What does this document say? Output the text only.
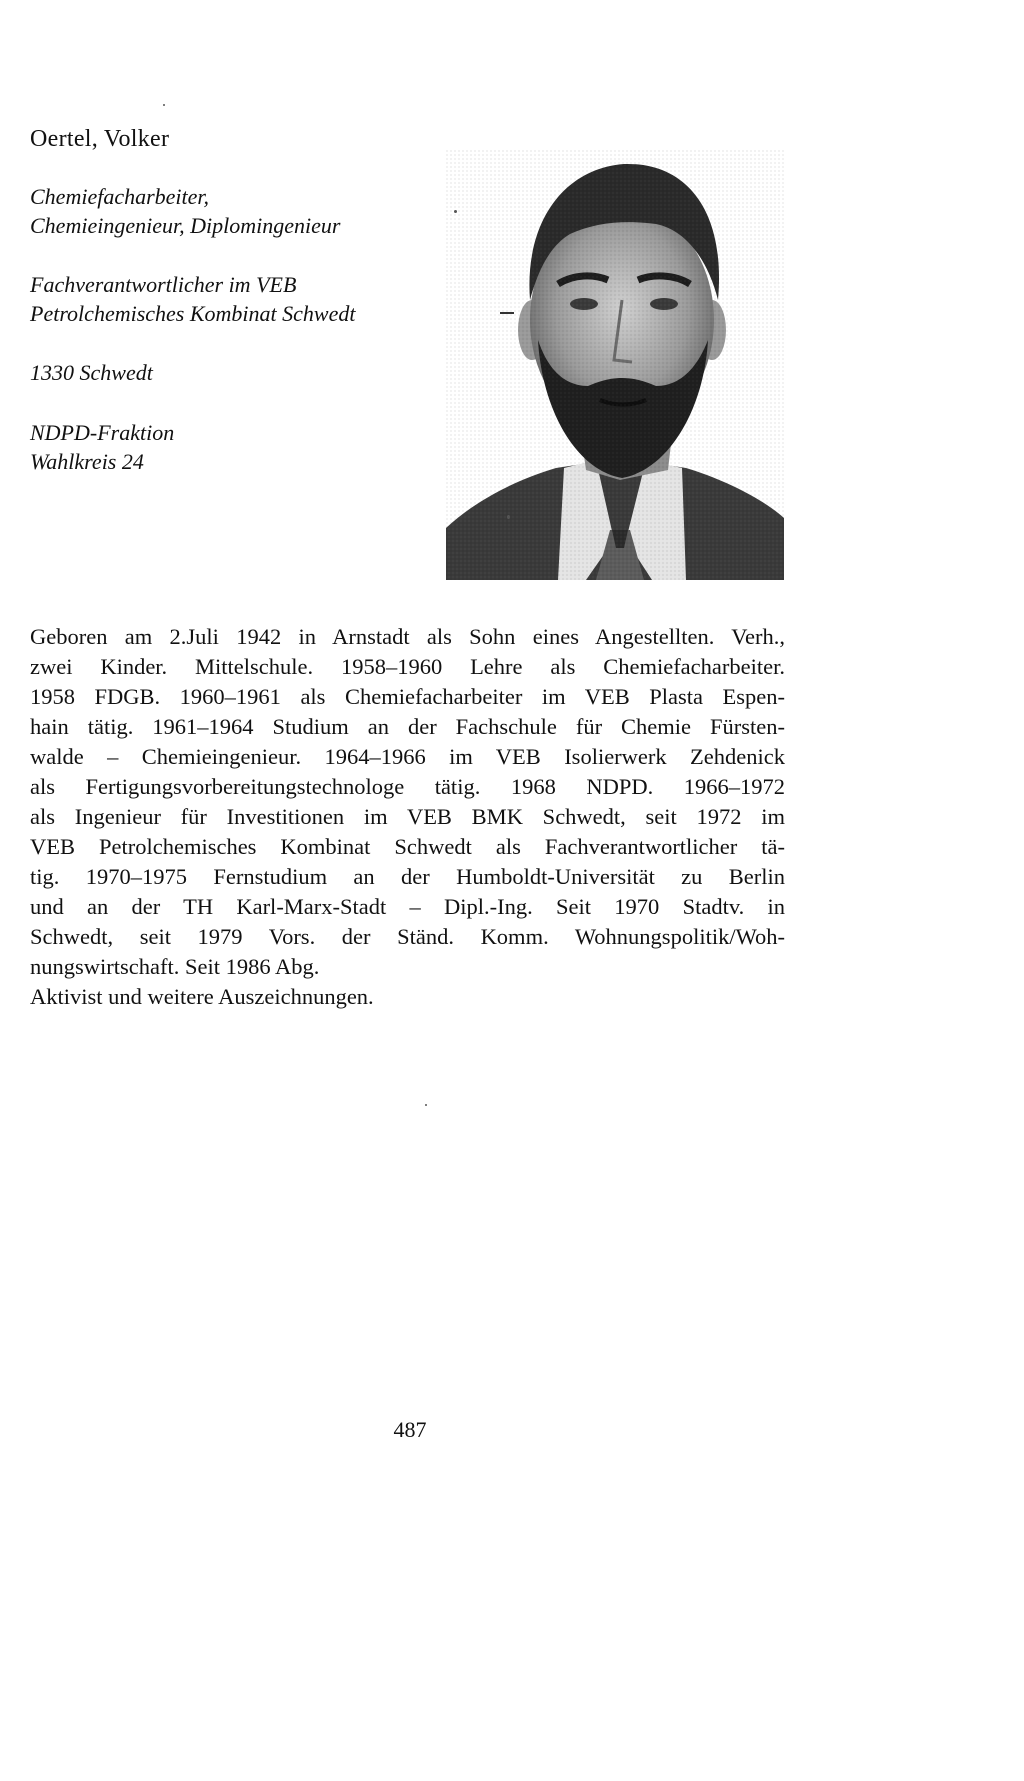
Oertel, Volker
Chemiefacharbeiter,
Chemieingenieur, Diplomingenieur
Fachverantwortlicher im VEB
Petrolchemisches Kombinat Schwedt
1330 Schwedt
NDPD-Fraktion
Wahlkreis 24
Geboren am 2.Juli 1942 in Arnstadt als Sohn eines Angestellten. Verh.,
zwei Kinder. Mittelschule. 1958–1960 Lehre als Chemiefacharbeiter.
1958 FDGB. 1960–1961 als Chemiefacharbeiter im VEB Plasta Espen-
hain tätig. 1961–1964 Studium an der Fachschule für Chemie Fürsten-
walde – Chemieingenieur. 1964–1966 im VEB Isolierwerk Zehdenick
als Fertigungsvorbereitungstechnologe tätig. 1968 NDPD. 1966–1972
als Ingenieur für Investitionen im VEB BMK Schwedt, seit 1972 im
VEB Petrolchemisches Kombinat Schwedt als Fachverantwortlicher tä-
tig. 1970–1975 Fernstudium an der Humboldt-Universität zu Berlin
und an der TH Karl-Marx-Stadt – Dipl.-Ing. Seit 1970 Stadtv. in
Schwedt, seit 1979 Vors. der Ständ. Komm. Wohnungspolitik/Woh-
nungswirtschaft. Seit 1986 Abg.
Aktivist und weitere Auszeichnungen.
487
